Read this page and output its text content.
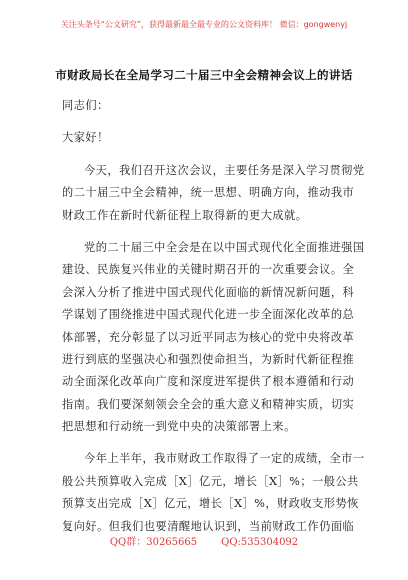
关注头条号“公文研究”，获得最新最全最专业的公文资料库！ 微信：gongwenyj
市财政局长在全局学习二十届三中全会精神会议上的讲话
同志们：
大家好！
今天，我们召开这次会议，主要任务是深入学习贯彻党
的二十届三中全会精神，统一思想、明确方向，推动我市
财政工作在新时代新征程上取得新的更大成就。
党的二十届三中全会是在以中国式现代化全面推进强国
建设、民族复兴伟业的关键时期召开的一次重要会议。全
会深入分析了推进中国式现代化面临的新情况新问题，科
学谋划了围绕推进中国式现代化进一步全面深化改革的总
体部署，充分彰显了以习近平同志为核心的党中央将改革
进行到底的坚强决心和强烈使命担当，为新时代新征程推
动全面深化改革向广度和深度进军提供了根本遵循和行动
指南。我们要深刻领会全会的重大意义和精神实质，切实
把思想和行动统一到党中央的决策部署上来。
今年上半年，我市财政工作取得了一定的成绩，全市一
般公共预算收入完成［X］亿元，增长［X］%；一般公共
预算支出完成［X］亿元，增长［X］%，财政收支形势恢
复向好。但我们也要清醒地认识到，当前财政工作仍面临
QQ群：30265665 QQ:535304092
